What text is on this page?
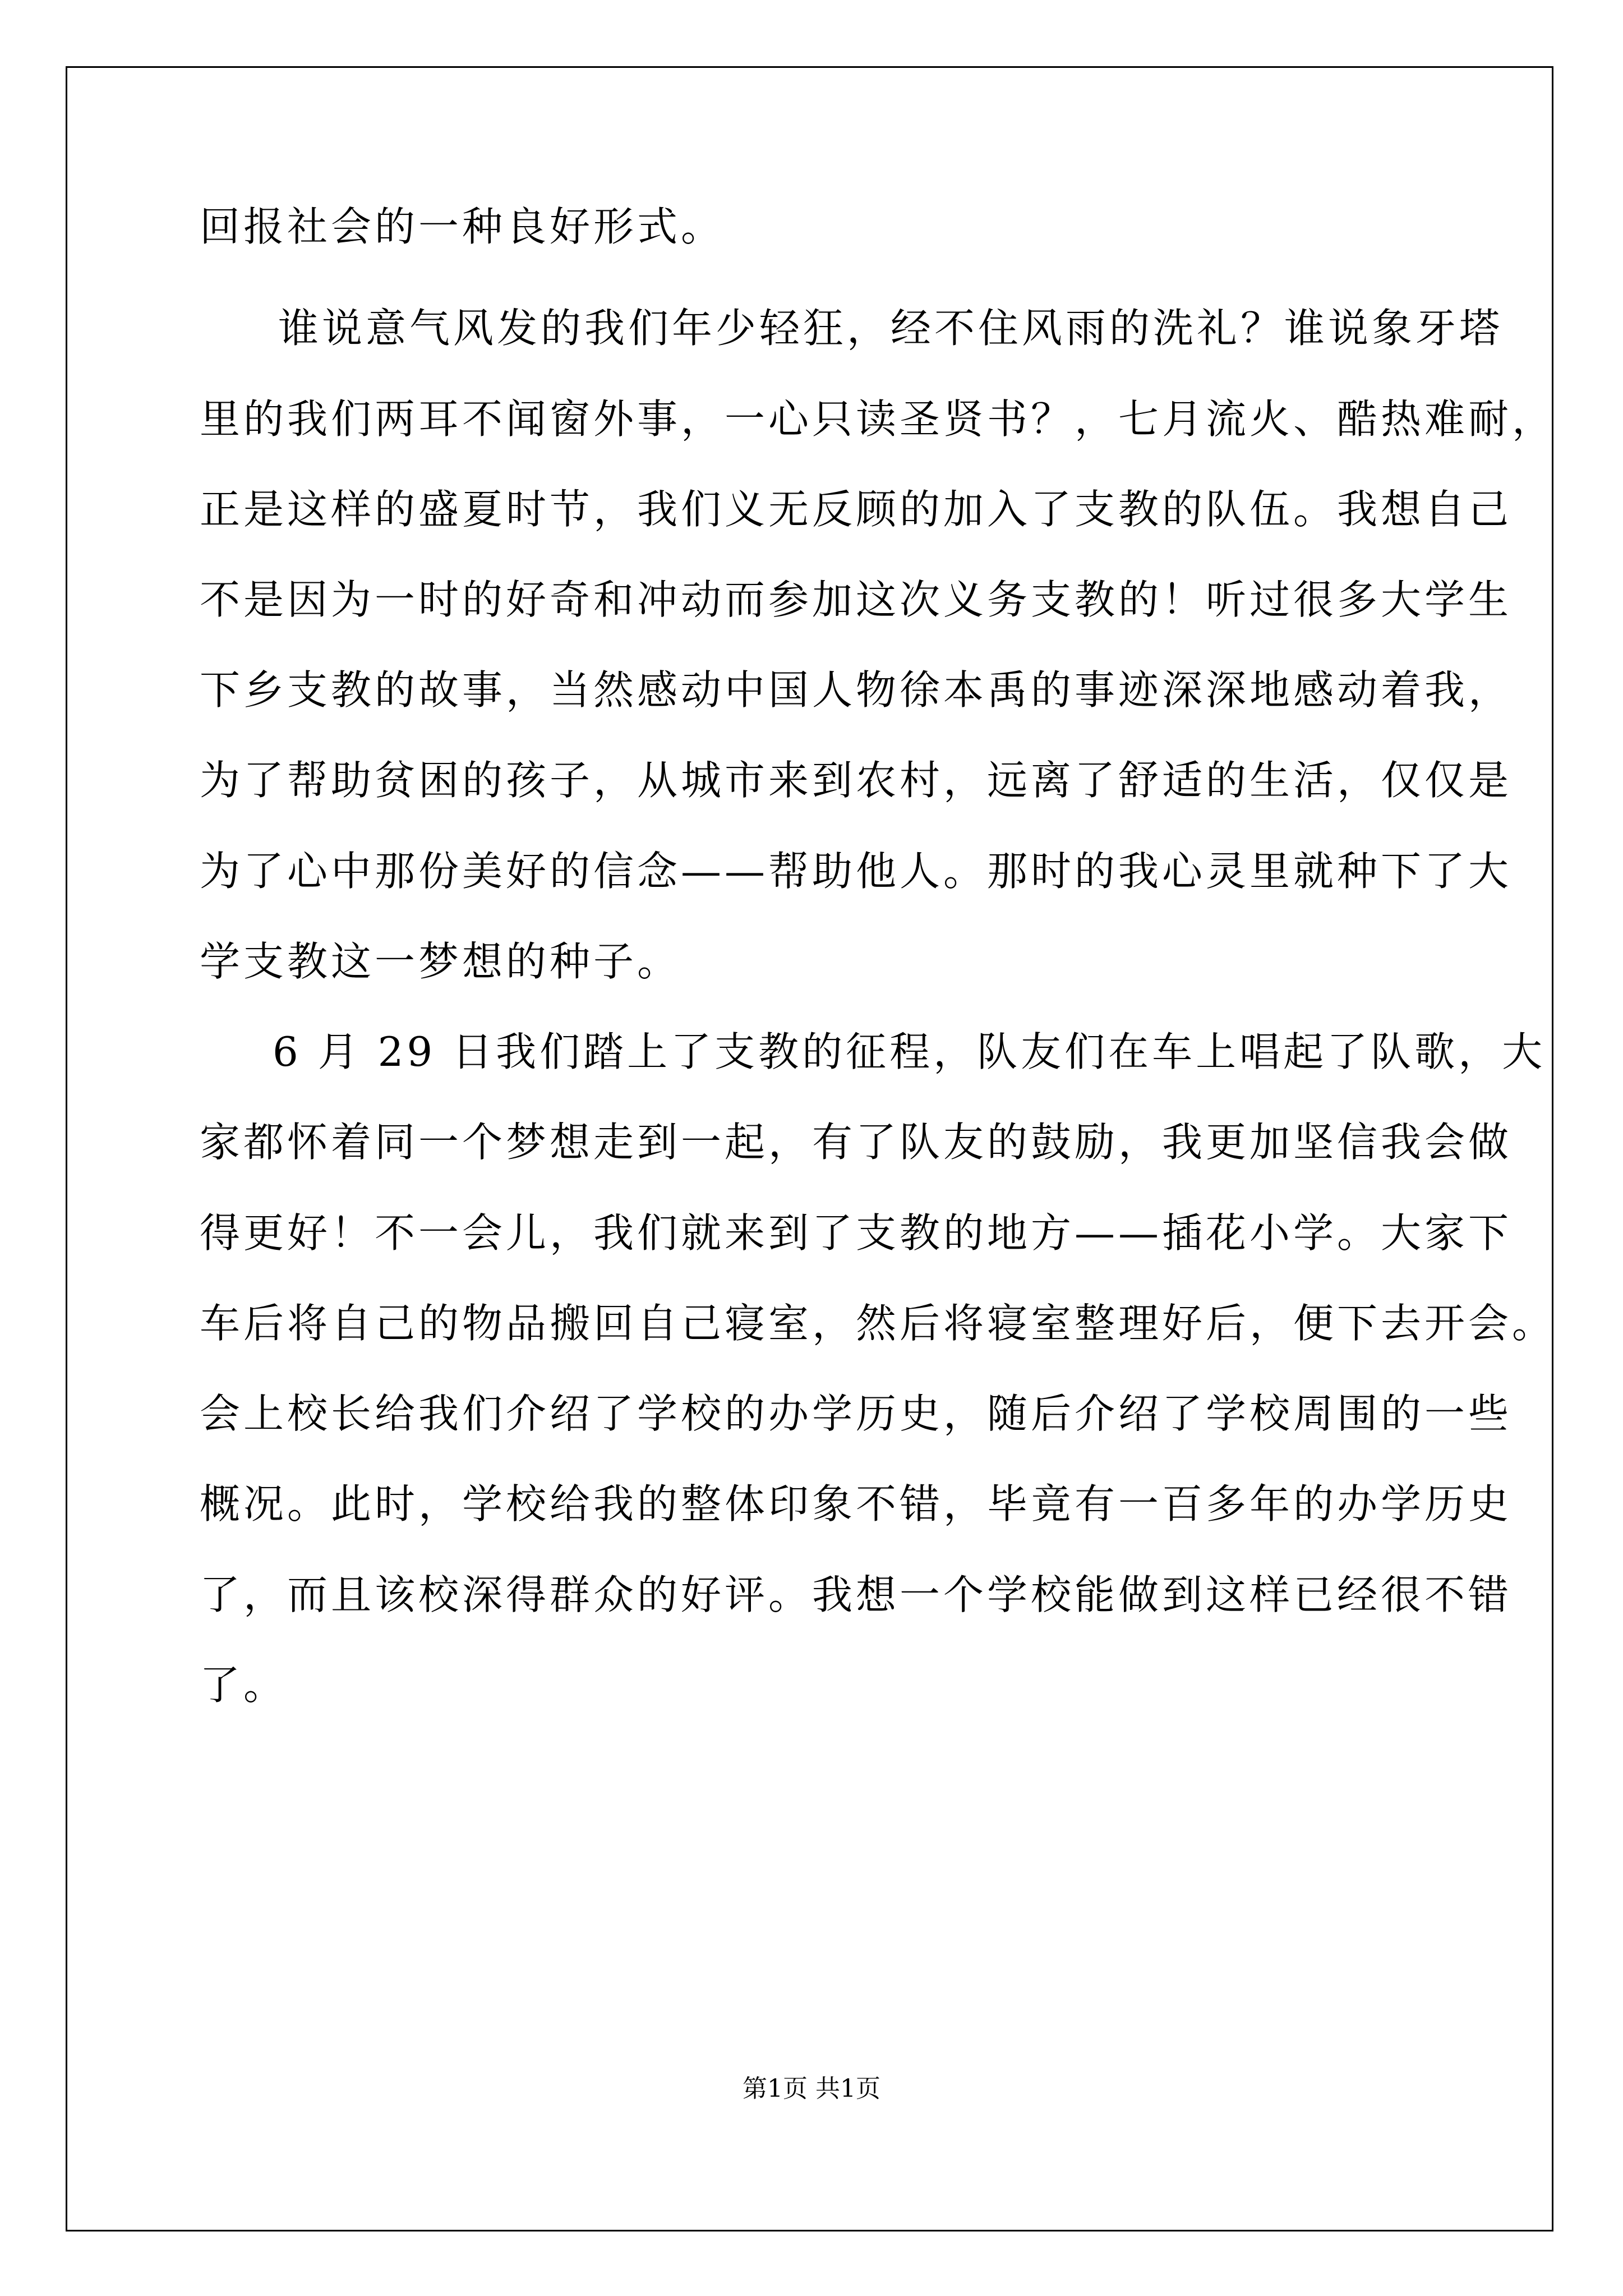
回报社会的一种良好形式。
谁说意气风发的我们年少轻狂，经不住风雨的洗礼？谁说象牙塔
里的我们两耳不闻窗外事，一心只读圣贤书？，七月流火、酷热难耐，
正是这样的盛夏时节，我们义无反顾的加入了支教的队伍。我想自己
不是因为一时的好奇和冲动而参加这次义务支教的！听过很多大学生
下乡支教的故事，当然感动中国人物徐本禹的事迹深深地感动着我，
为了帮助贫困的孩子，从城市来到农村，远离了舒适的生活，仅仅是
为了心中那份美好的信念——帮助他人。那时的我心灵里就种下了大
学支教这一梦想的种子。
6 月 29 日我们踏上了支教的征程，队友们在车上唱起了队歌，大
家都怀着同一个梦想走到一起，有了队友的鼓励，我更加坚信我会做
得更好！不一会儿，我们就来到了支教的地方——插花小学。大家下
车后将自己的物品搬回自己寝室，然后将寝室整理好后，便下去开会。
会上校长给我们介绍了学校的办学历史，随后介绍了学校周围的一些
概况。此时，学校给我的整体印象不错，毕竟有一百多年的办学历史
了，而且该校深得群众的好评。我想一个学校能做到这样已经很不错
了。
第1页 共1页
